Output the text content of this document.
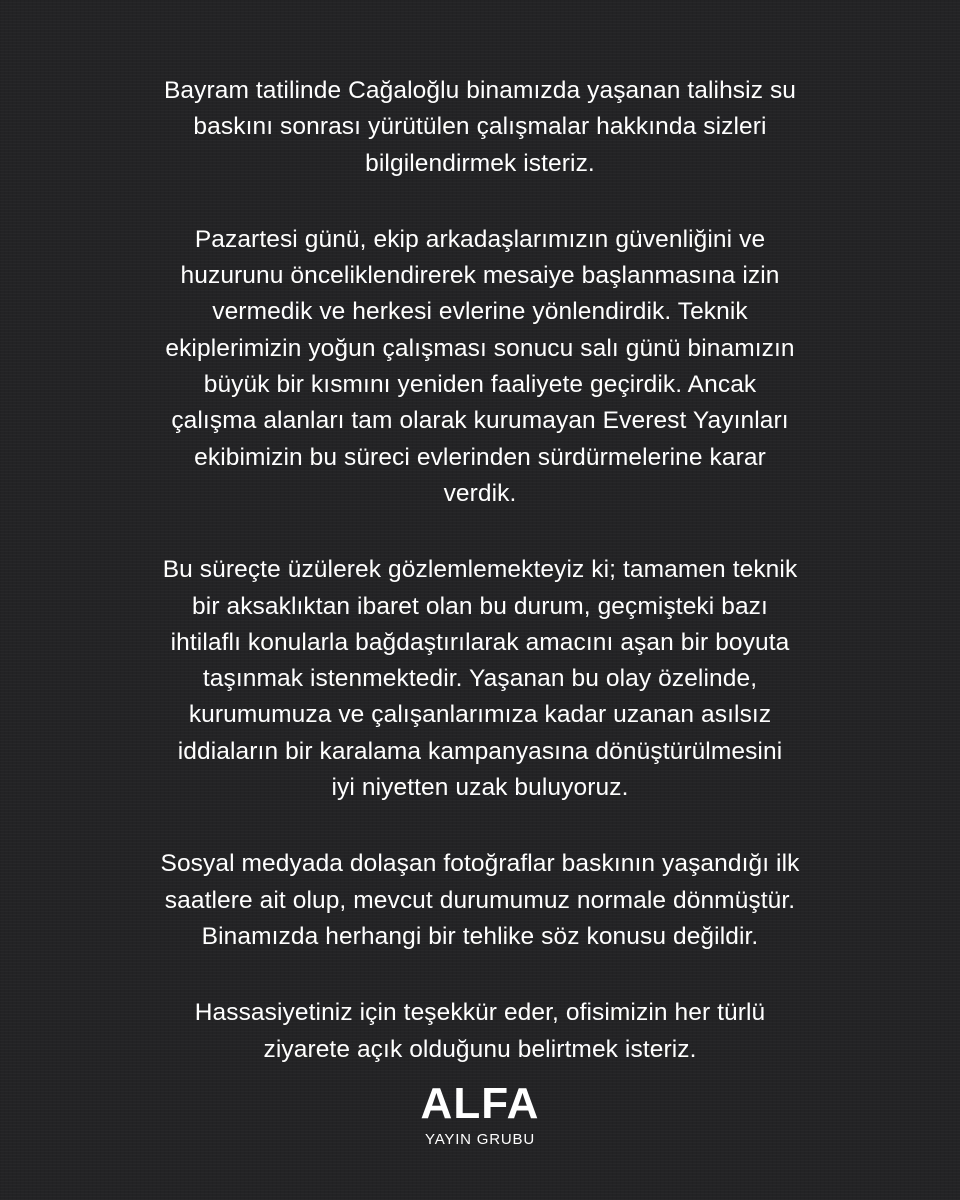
Bayram tatilinde Cağaloğlu binamızda yaşanan talihsiz su
baskını sonrası yürütülen çalışmalar hakkında sizleri
bilgilendirmek isteriz.

Pazartesi günü, ekip arkadaşlarımızın güvenliğini ve
huzurunu önceliklendirerek mesaiye başlanmasına izin
vermedik ve herkesi evlerine yönlendirdik. Teknik
ekiplerimizin yoğun çalışması sonucu salı günü binamızın
büyük bir kısmını yeniden faaliyete geçirdik. Ancak
çalışma alanları tam olarak kurumayan Everest Yayınları
ekibimizin bu süreci evlerinden sürdürmelerine karar
verdik.

Bu süreçte üzülerek gözlemlemekteyiz ki; tamamen teknik
bir aksaklıktan ibaret olan bu durum, geçmişteki bazı
ihtilaflı konularla bağdaştırılarak amacını aşan bir boyuta
taşınmak istenmektedir. Yaşanan bu olay özelinde,
kurumumuza ve çalışanlarımıza kadar uzanan asılsız
iddiaların bir karalama kampanyasına dönüştürülmesini
iyi niyetten uzak buluyoruz.

Sosyal medyada dolaşan fotoğraflar baskının yaşandığı ilk
saatlere ait olup, mevcut durumumuz normale dönmüştür.
Binamızda herhangi bir tehlike söz konusu değildir.

Hassasiyetiniz için teşekkür eder, ofisimizin her türlü
ziyarete açık olduğunu belirtmek isteriz.

ALFA
YAYIN GRUBU
